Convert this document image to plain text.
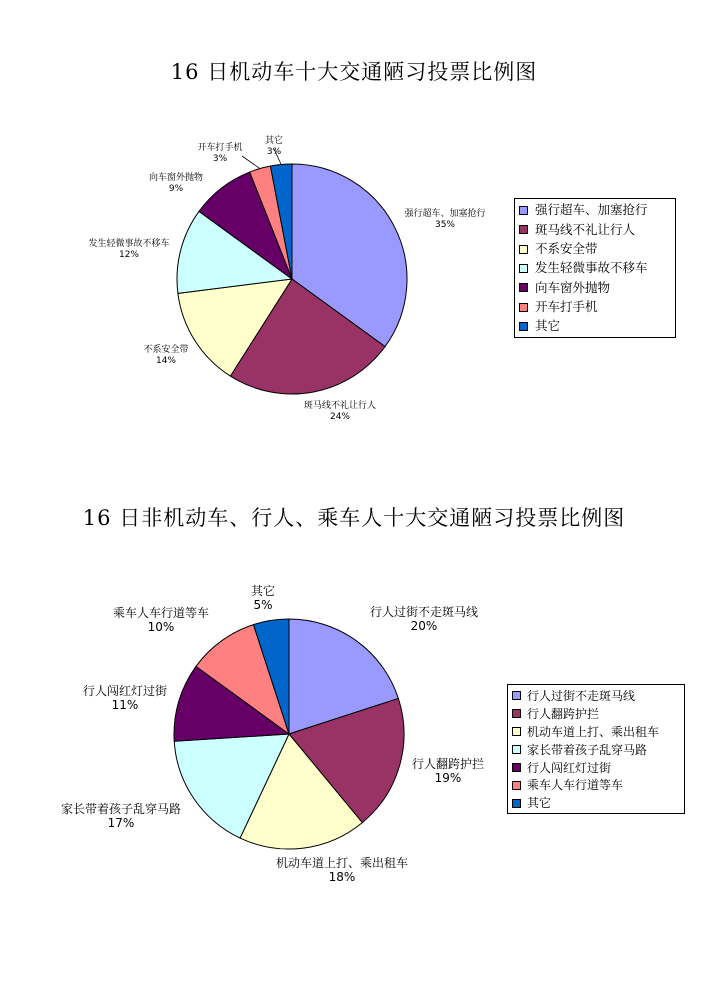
16 日机动车十大交通陋习投票比例图
强行超车、加塞抢行 35%
斑马线不礼让行人 24%
不系安全带 14%
发生轻微事故不移车 12%
向车窗外抛物 9%
开车打手机 3%
其它 3%
强行超车、加塞抢行
斑马线不礼让行人
不系安全带
发生轻微事故不移车
向车窗外抛物
开车打手机
其它
16 日非机动车、行人、乘车人十大交通陋习投票比例图
行人过街不走斑马线 20%
行人翻跨护拦 19%
机动车道上打、乘出租车 18%
家长带着孩子乱穿马路 17%
行人闯红灯过街 11%
乘车人车行道等车 10%
其它 5%
行人过街不走斑马线
行人翻跨护拦
机动车道上打、乘出租车
家长带着孩子乱穿马路
行人闯红灯过街
乘车人车行道等车
其它
